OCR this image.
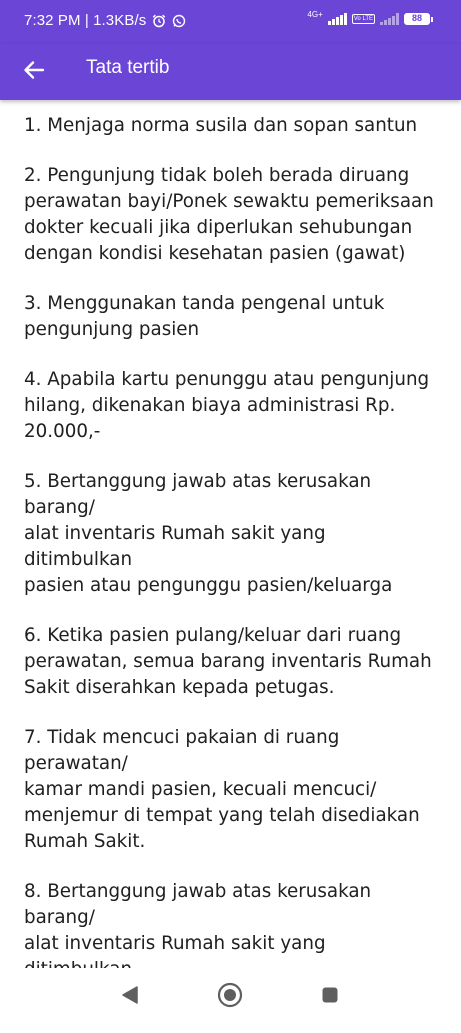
7:32 PM | 1.3KB/s	4G+	Vo LTE	88
Tata tertib

1. Menjaga norma susila dan sopan santun

2. Pengunjung tidak boleh berada diruang
perawatan bayi/Ponek sewaktu pemeriksaan
dokter kecuali jika diperlukan sehubungan
dengan kondisi kesehatan pasien (gawat)

3. Menggunakan tanda pengenal untuk
pengunjung pasien

4. Apabila kartu penunggu atau pengunjung
hilang, dikenakan biaya administrasi Rp.
20.000,-

5. Bertanggung jawab atas kerusakan barang/
alat inventaris Rumah sakit yang ditimbulkan
pasien atau pengunggu pasien/keluarga

6. Ketika pasien pulang/keluar dari ruang
perawatan, semua barang inventaris Rumah
Sakit diserahkan kepada petugas.

7. Tidak mencuci pakaian di ruang perawatan/
kamar mandi pasien, kecuali mencuci/
menjemur di tempat yang telah disediakan
Rumah Sakit.

8. Bertanggung jawab atas kerusakan barang/
alat inventaris Rumah sakit yang
